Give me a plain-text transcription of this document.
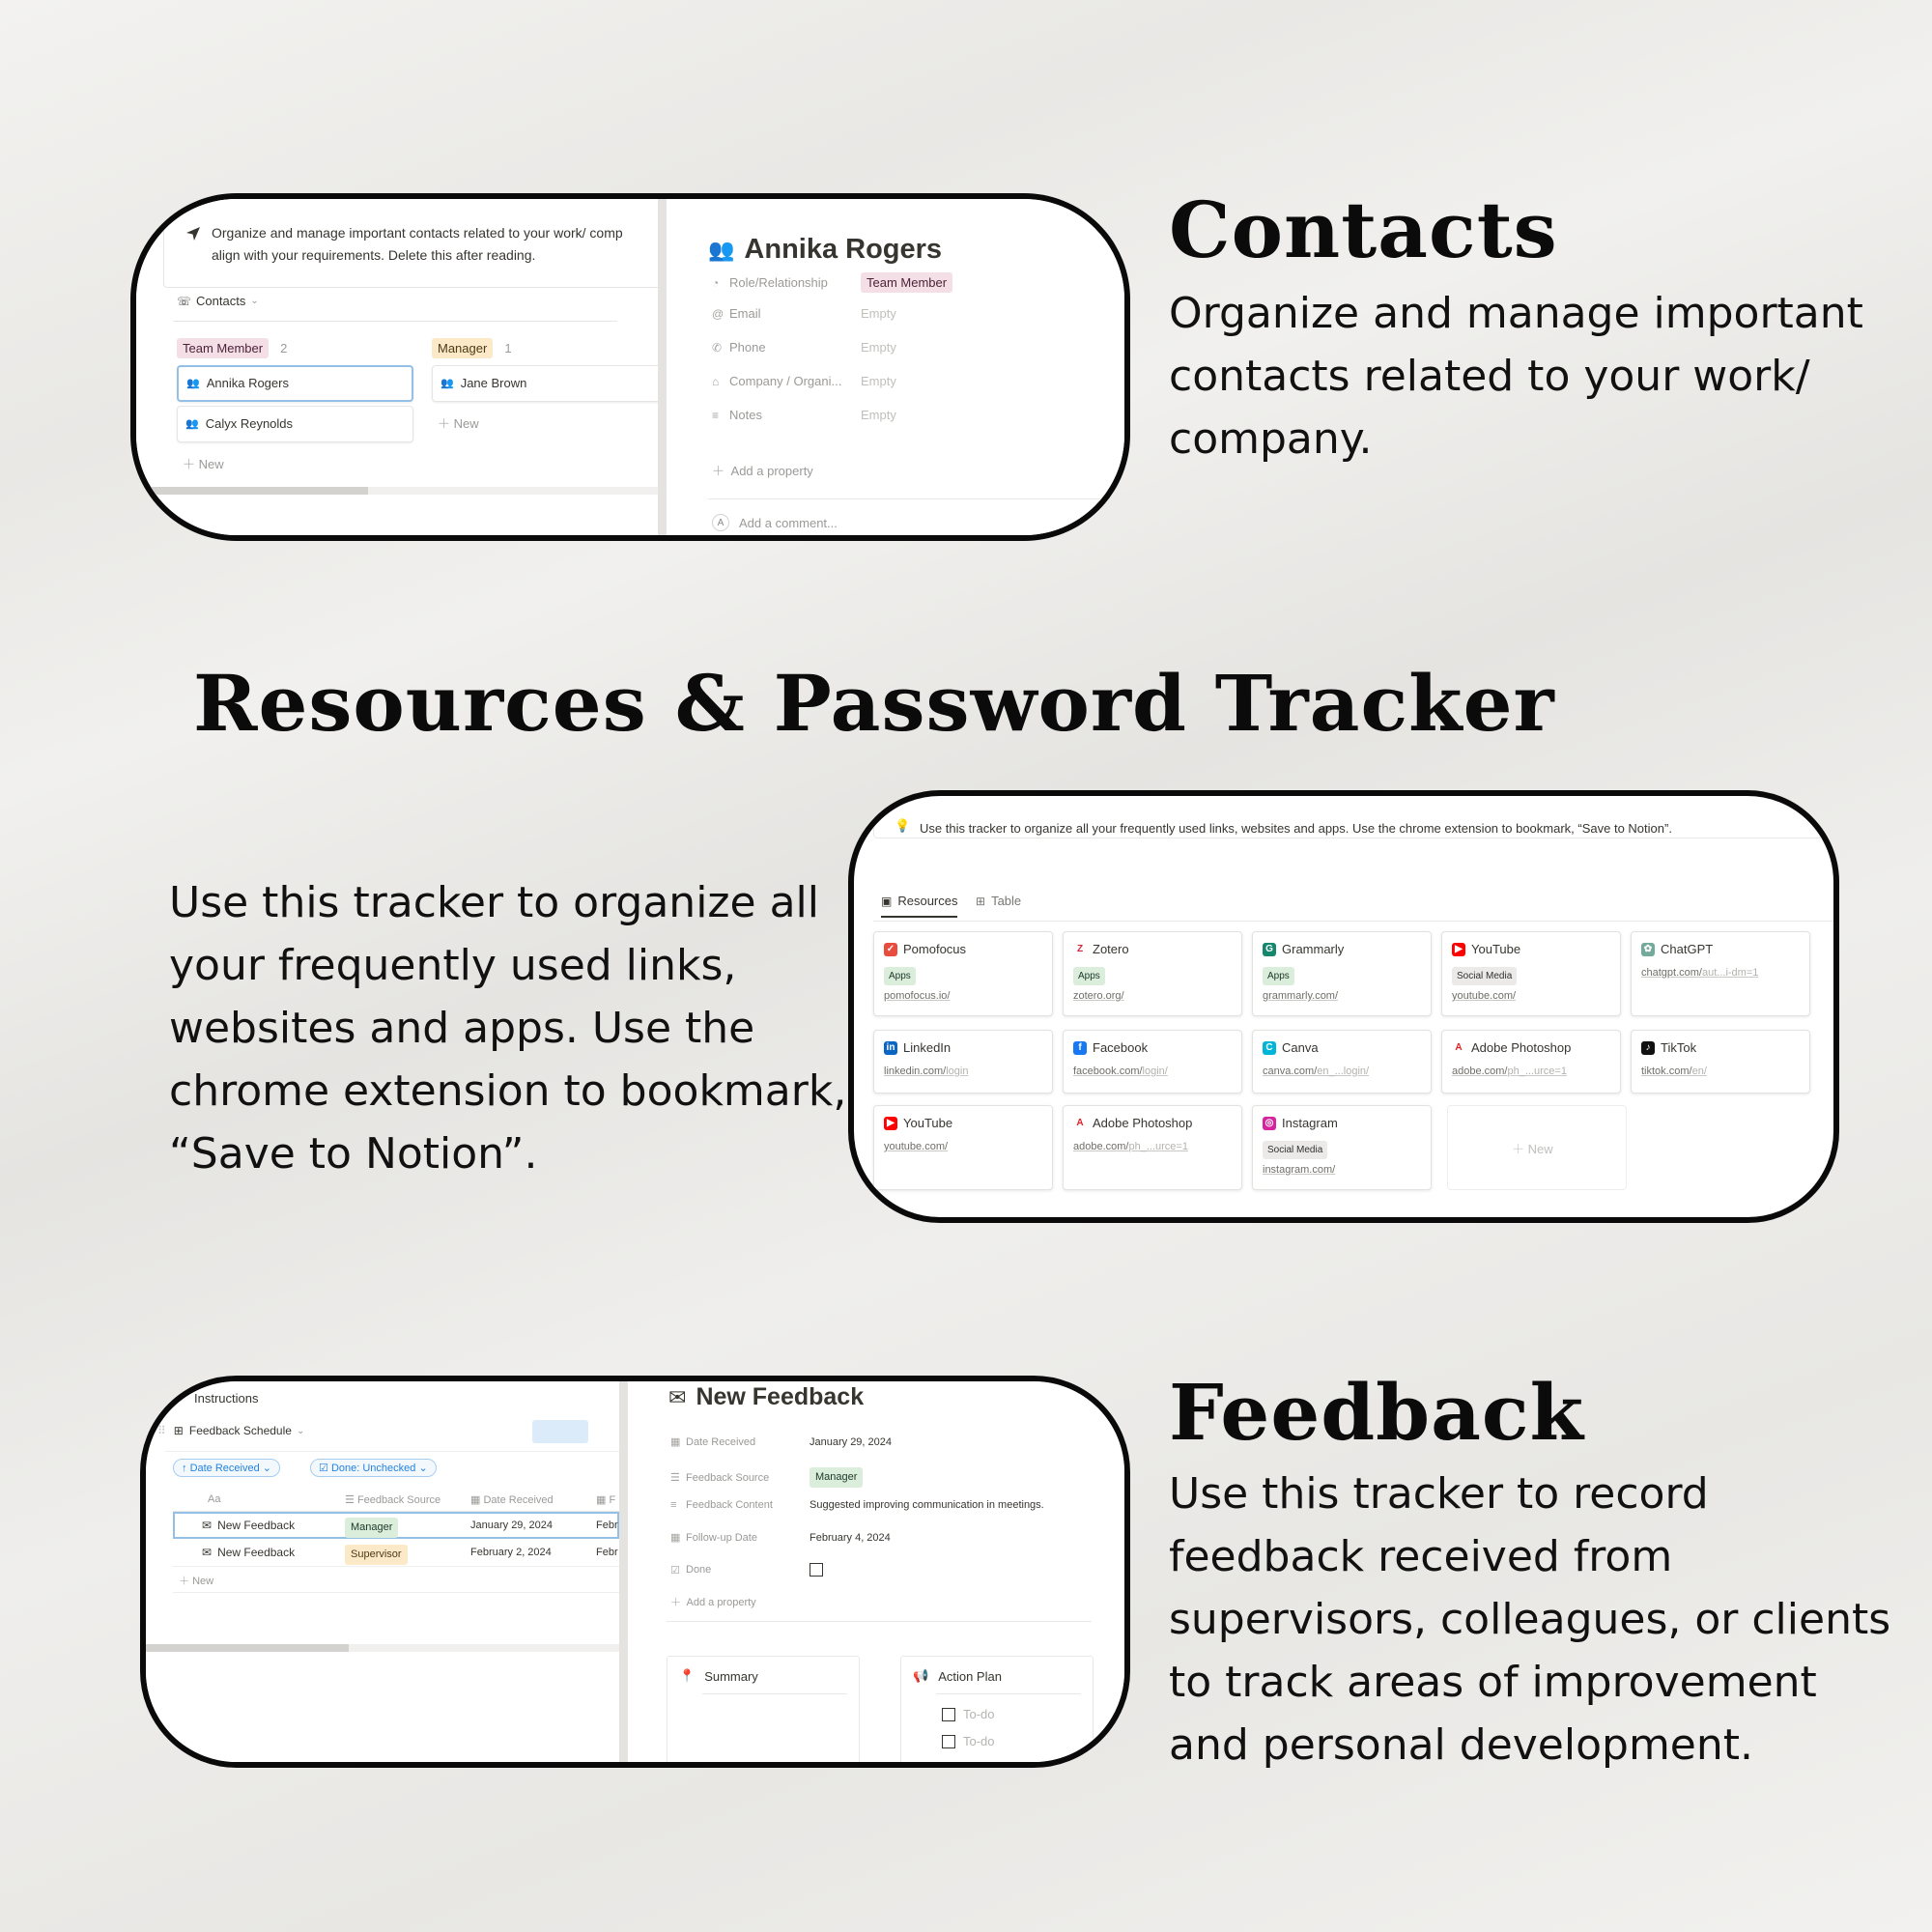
Organize and manage important contacts related to your work/ comp
align with your requirements. Delete this after reading.
☏ Contacts ⌄
Team Member	2
👥 Annika Rogers
👥 Calyx Reynolds
＋ New
Manager	1
👥 Jane Brown
＋ New
👥 Annika Rogers
◔ Role/Relationship	Team Member
@ Email	Empty
✆ Phone	Empty
⌂ Company / Organi...	Empty
≡ Notes	Empty
＋ Add a property
A	Add a comment...
Contacts
Organize and manage important
contacts related to your work/
company.
Resources & Password Tracker
Use this tracker to organize all
your frequently used links,
websites and apps. Use the
chrome extension to bookmark,
“Save to Notion”.
💡 Use this tracker to organize all your frequently used links, websites and apps. Use the chrome extension to bookmark, “Save to Notion”.
▣ Resources ⊞ Table
✓ Pomofocus
Apps
pomofocus.io/
Z Zotero
Apps
zotero.org/
G Grammarly
Apps
grammarly.com/
▶ YouTube
Social Media
youtube.com/
✿ ChatGPT
chatgpt.com/aut...i-dm=1
in LinkedIn
linkedin.com/login
f Facebook
facebook.com/login/
C Canva
canva.com/en_...login/
A Adobe Photoshop
adobe.com/ph_...urce=1
♪ TikTok
tiktok.com/en/
▶ YouTube
youtube.com/
A Adobe Photoshop
adobe.com/ph_...urce=1
◎ Instagram
Social Media
instagram.com/
＋ New
Instructions
⠿ ⊞ Feedback Schedule ⌄
↑ Date Received ⌄	☑ Done: Unchecked ⌄
Aa	☰ Feedback Source	▦ Date Received	▦ F
✉ New Feedback	Manager	January 29, 2024	Febr
✉ New Feedback	Supervisor	February 2, 2024	Febr
＋ New
✉ New Feedback
▦ Date Received	January 29, 2024
☰ Feedback Source	Manager
≡ Feedback Content	Suggested improving communication in meetings.
▦ Follow-up Date	February 4, 2024
☑ Done
＋ Add a property
📍 Summary	📢 Action Plan
To-do
To-do
Feedback
Use this tracker to record
feedback received from
supervisors, colleagues, or clients
to track areas of improvement
and personal development.
